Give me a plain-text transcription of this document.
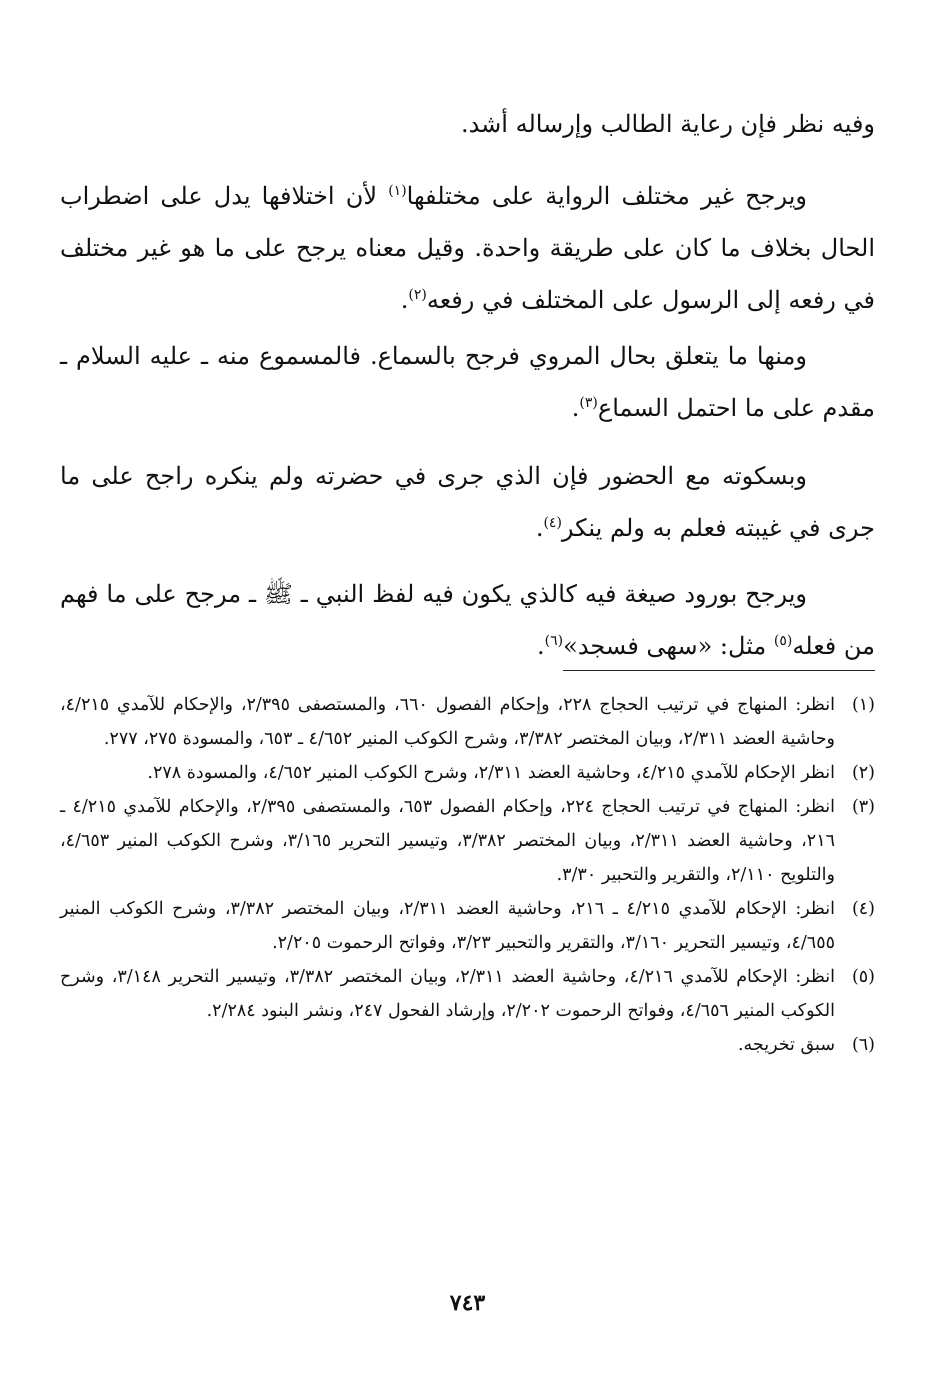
وفيه نظر فإن رعاية الطالب وإرساله أشد.

ويرجح غير مختلف الرواية على مختلفها$^{(١)}$ لأن اختلافها يدل على اضطراب الحال بخلاف ما كان على طريقة واحدة. وقيل معناه يرجح على ما هو غير مختلف في رفعه إلى الرسول على المختلف في رفعه$^{(٢)}$.

ومنها ما يتعلق بحال المروي فرجح بالسماع. فالمسموع منه ـ عليه السلام ـ مقدم على ما احتمل السماع$^{(٣)}$.

وبسكوته مع الحضور فإن الذي جرى في حضرته ولم ينكره راجح على ما جرى في غيبته فعلم به ولم ينكر$^{(٤)}$.

ويرجح بورود صيغة فيه كالذي يكون فيه لفظ النبي ـ ﷺ ـ مرجح على ما فهم من فعله$^{(٥)}$ مثل: «سهى فسجد»$^{(٦)}$.

(١)
انظر: المنهاج في ترتيب الحجاج ٢٢٨، وإحكام الفصول ٦٦٠، والمستصفى ٢/٣٩٥، والإحكام للآمدي ٤/٢١٥، وحاشية العضد ٢/٣١١، وبيان المختصر ٣/٣٨٢، وشرح الكوكب المنير ٤/٦٥٢ ـ ٦٥٣، والمسودة ٢٧٥، ٢٧٧.
(٢)
انظر الإحكام للآمدي ٤/٢١٥، وحاشية العضد ٢/٣١١، وشرح الكوكب المنير ٤/٦٥٢، والمسودة ٢٧٨.
(٣)
انظر: المنهاج في ترتيب الحجاج ٢٢٤، وإحكام الفصول ٦٥٣، والمستصفى ٢/٣٩٥، والإحكام للآمدي ٤/٢١٥ ـ ٢١٦، وحاشية العضد ٢/٣١١، وبيان المختصر ٣/٣٨٢، وتيسير التحرير ٣/١٦٥، وشرح الكوكب المنير ٤/٦٥٣، والتلويح ٢/١١٠، والتقرير والتحبير ٣/٣٠.
(٤)
انظر: الإحكام للآمدي ٤/٢١٥ ـ ٢١٦، وحاشية العضد ٢/٣١١، وبيان المختصر ٣/٣٨٢، وشرح الكوكب المنير ٤/٦٥٥، وتيسير التحرير ٣/١٦٠، والتقرير والتحبير ٣/٢٣، وفواتح الرحموت ٢/٢٠٥.
(٥)
انظر: الإحكام للآمدي ٤/٢١٦، وحاشية العضد ٢/٣١١، وبيان المختصر ٣/٣٨٢، وتيسير التحرير ٣/١٤٨، وشرح الكوكب المنير ٤/٦٥٦، وفواتح الرحموت ٢/٢٠٢، وإرشاد الفحول ٢٤٧، ونشر البنود ٢/٢٨٤.
(٦)
سبق تخريجه.
٧٤٣
